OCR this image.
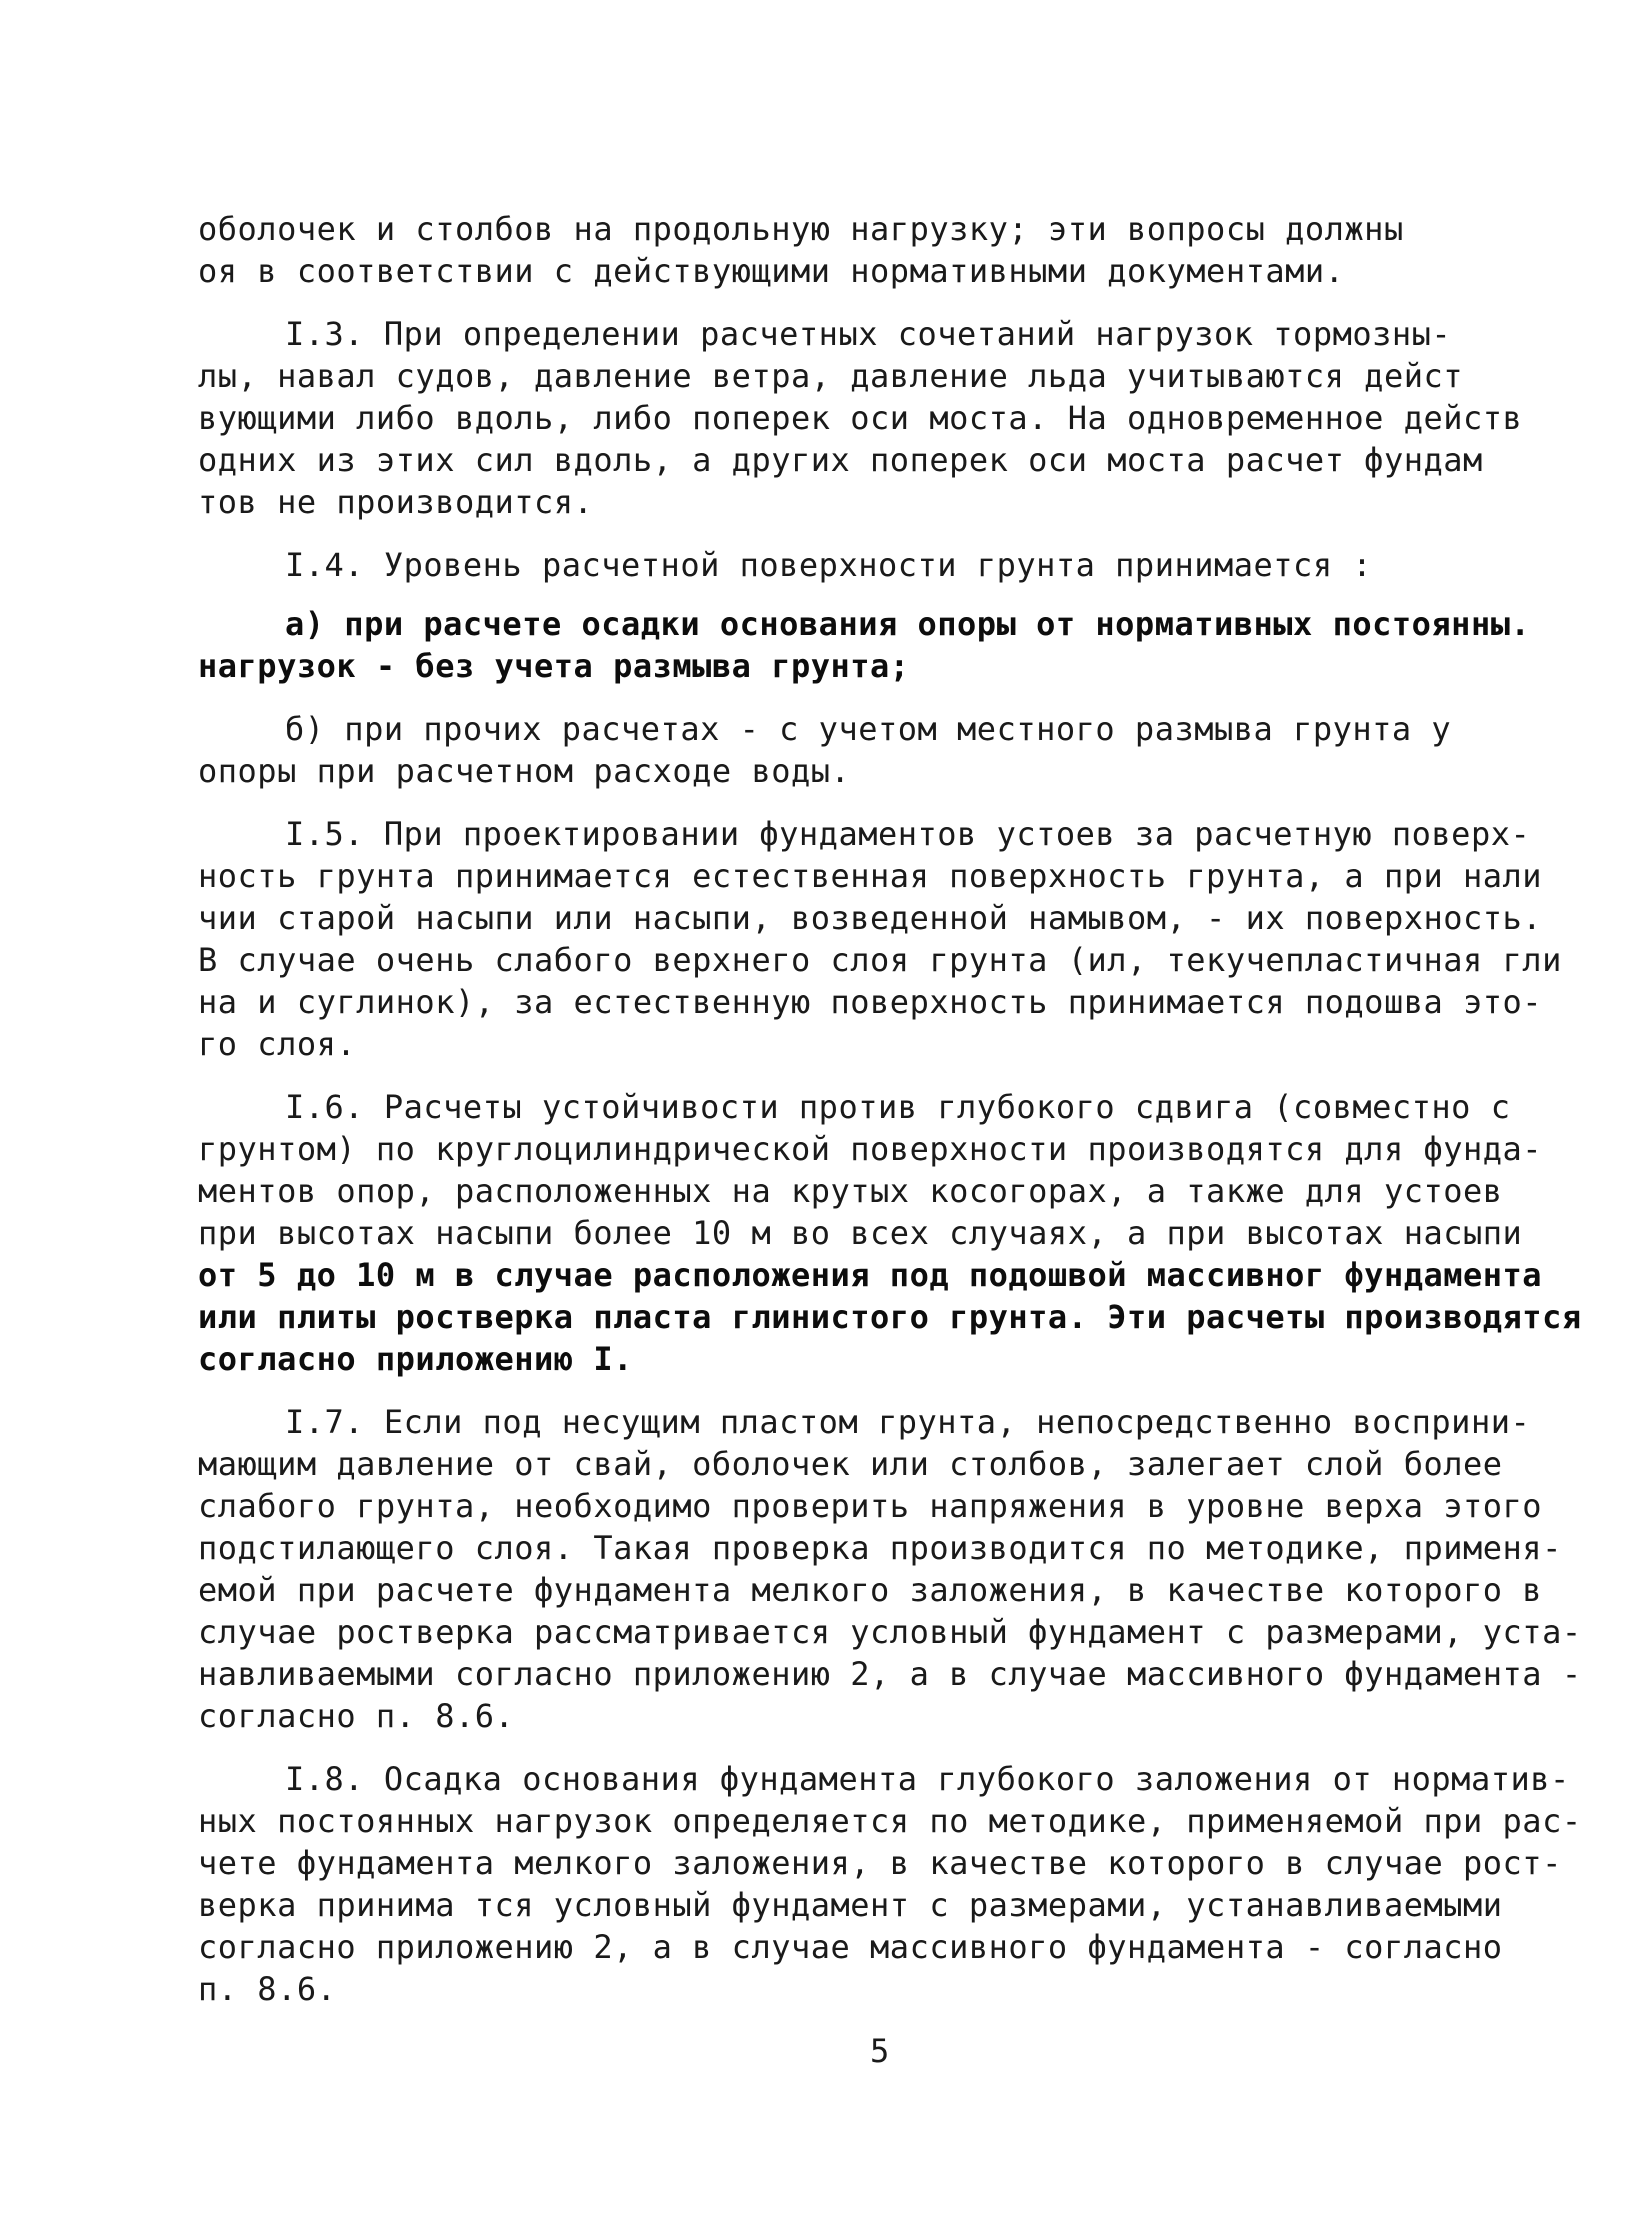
оболочек и столбов на продольную нагрузку; эти вопросы должны
оя в соответствии с действующими нормативными документами.
I.3. При определении расчетных сочетаний нагрузок тормозны-
лы, навал судов, давление ветра, давление льда учитываются дейст
вующими либо вдоль, либо поперек оси моста. На одновременное действ
одних из этих сил вдоль, а других поперек оси моста расчет фундам
тов не производится.
I.4. Уровень расчетной поверхности грунта принимается :
а) при расчете осадки основания опоры от нормативных постоянны.
нагрузок - без учета размыва грунта;
б) при прочих расчетах - с учетом местного размыва грунта у
опоры при расчетном расходе воды.
I.5. При проектировании фундаментов устоев за расчетную поверх-
ность грунта принимается естественная поверхность грунта, а при нали
чии старой насыпи или насыпи, возведенной намывом, - их поверхность.
В случае очень слабого верхнего слоя грунта (ил, текучепластичная гли
на и суглинок), за естественную поверхность принимается подошва это-
го слоя.
I.6. Расчеты устойчивости против глубокого сдвига (совместно с
грунтом) по круглоцилиндрической поверхности производятся для фунда-
ментов опор, расположенных на крутых косогорах, а также для устоев
при высотах насыпи более 10 м во всех случаях, а при высотах насыпи
от 5 до 10 м в случае расположения под подошвой массивног фундамента
или плиты ростверка пласта глинистого грунта. Эти расчеты производятся
согласно приложению I.
I.7. Если под несущим пластом грунта, непосредственно восприни-
мающим давление от свай, оболочек или столбов, залегает слой более
слабого грунта, необходимо проверить напряжения в уровне верха этого
подстилающего слоя. Такая проверка производится по методике, применя-
емой при расчете фундамента мелкого заложения, в качестве которого в
случае ростверка рассматривается условный фундамент с размерами, уста-
навливаемыми согласно приложению 2, а в случае массивного фундамента -
согласно п. 8.6.
I.8. Осадка основания фундамента глубокого заложения от норматив-
ных постоянных нагрузок определяется по методике, применяемой при рас-
чете фундамента мелкого заложения, в качестве которого в случае рост-
верка принима тся условный фундамент с размерами, устанавливаемыми
согласно приложению 2, а в случае массивного фундамента - согласно
п. 8.6.
5
